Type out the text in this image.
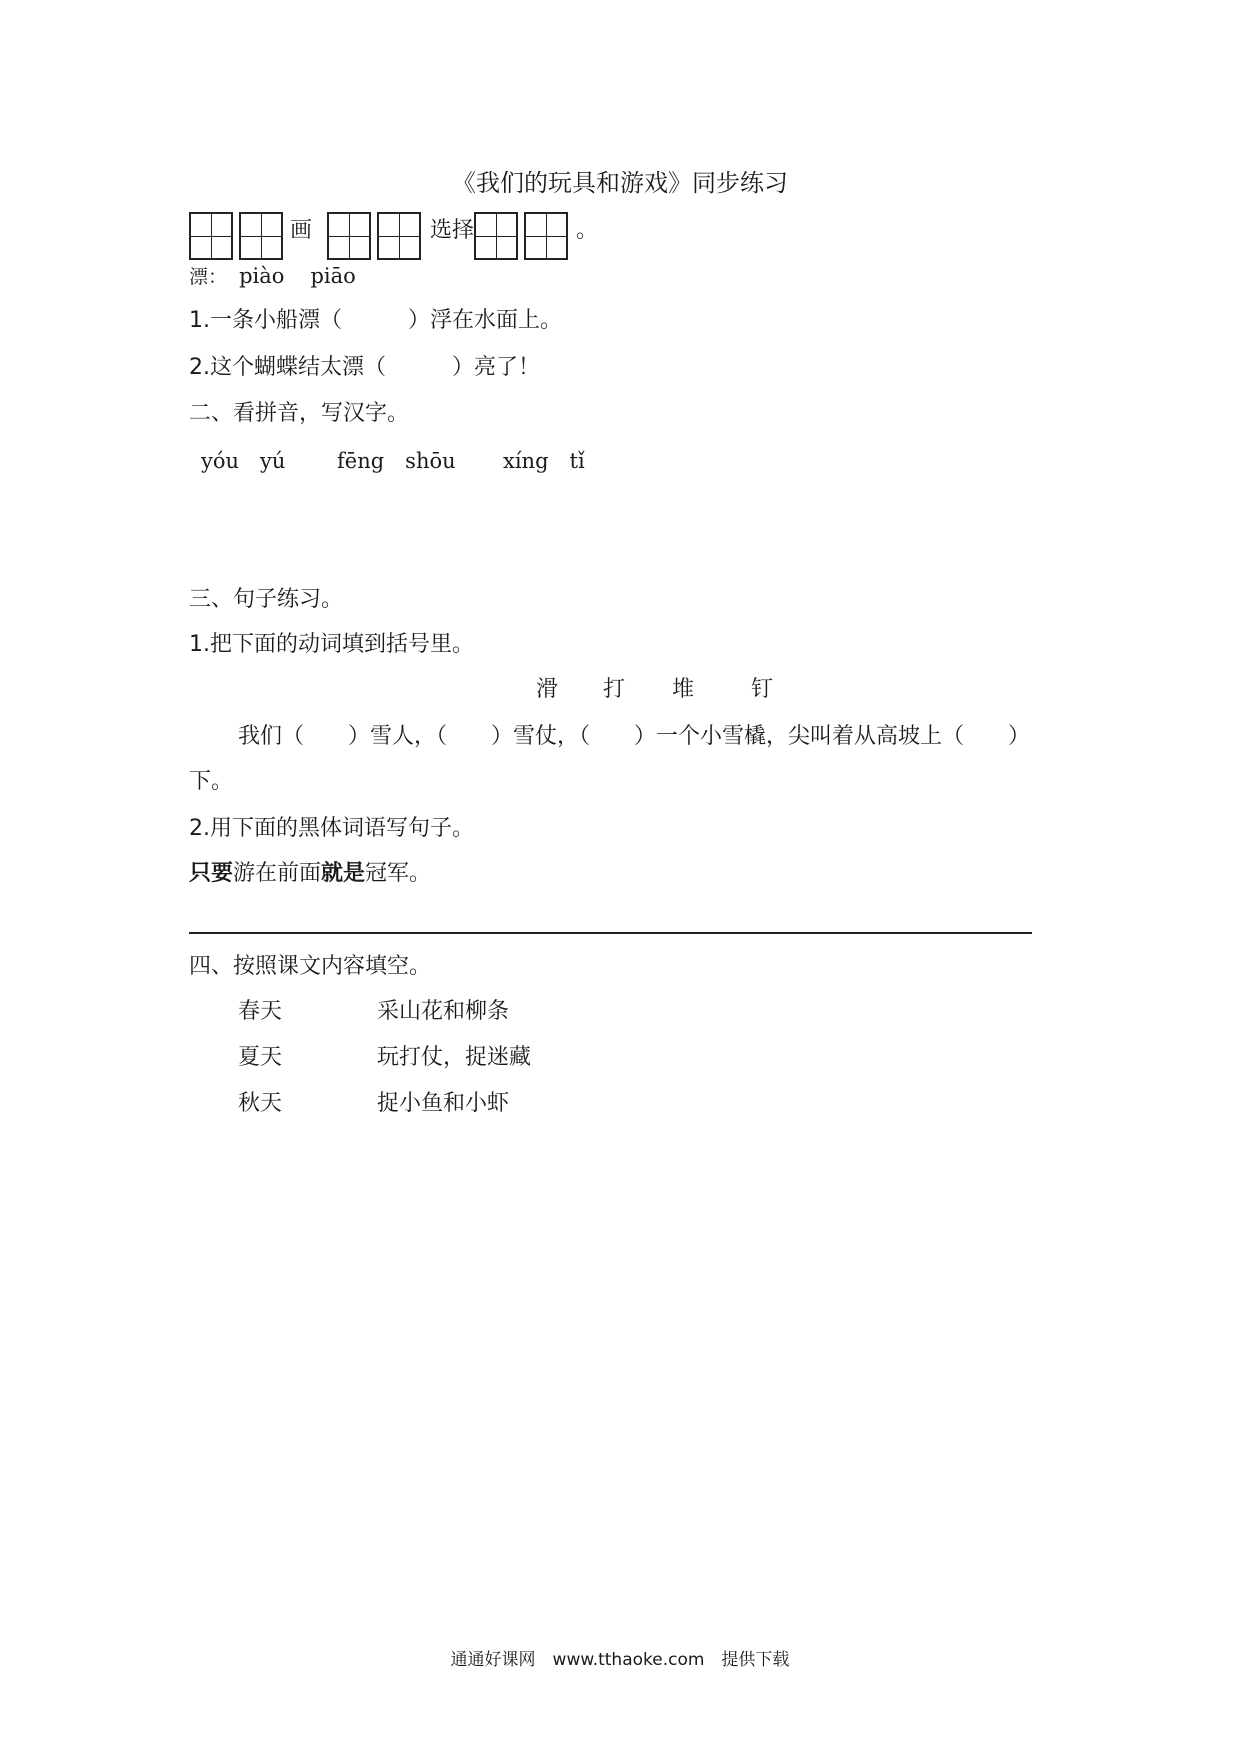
《我们的玩具和游戏》同步练习
画	选择	。
漂： piào piāo
1.一条小船漂（　　　）浮在水面上。
2.这个蝴蝶结太漂（　　　）亮了！
二、看拼音，写汉字。
yóu　yú fēng　shōu xíng　tǐ
三、句子练习。
1.把下面的动词填到括号里。
滑 打 堆	钉
我们（　　）雪人，（　　）雪仗，（　　）一个小雪橇，尖叫着从高坡上（　　）
下。
2.用下面的黑体词语写句子。
只要游在前面就是冠军。
四、按照课文内容填空。
春天	采山花和柳条
夏天	玩打仗，捉迷藏
秋天	捉小鱼和小虾
通通好课网　www.tthaoke.com　提供下载
